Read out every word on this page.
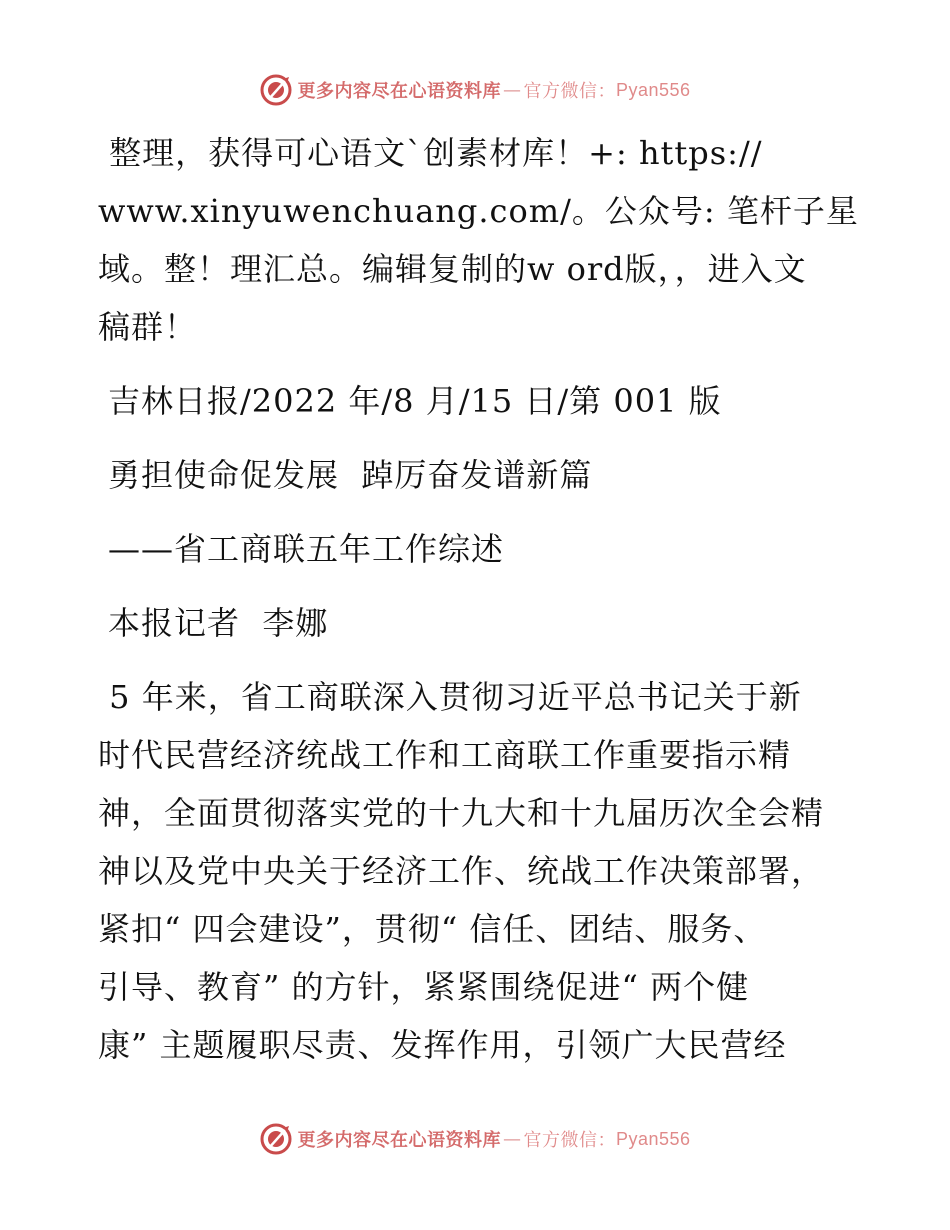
更多内容尽在心语资料库 — 官方微信： Pyan556

整理，获得可心语文`创素材库！+: https://

www.xinyuwenchuang.com/。公众号: 笔杆子星

域。整！理汇总。编辑复制的w ord版，，进入文

稿群！

吉林日报/2022 年/8 月/15 日/第 001 版

勇担使命促发展  踔厉奋发谱新篇

——省工商联五年工作综述

本报记者  李娜

5 年来，省工商联深入贯彻习近平总书记关于新

时代民营经济统战工作和工商联工作重要指示精

神，全面贯彻落实党的十九大和十九届历次全会精

神以及党中央关于经济工作、统战工作决策部署，

紧扣“ 四会建设”，贯彻“ 信任、团结、服务、

引导、教育” 的方针，紧紧围绕促进“ 两个健

康” 主题履职尽责、发挥作用，引领广大民营经

更多内容尽在心语资料库 — 官方微信： Pyan556
